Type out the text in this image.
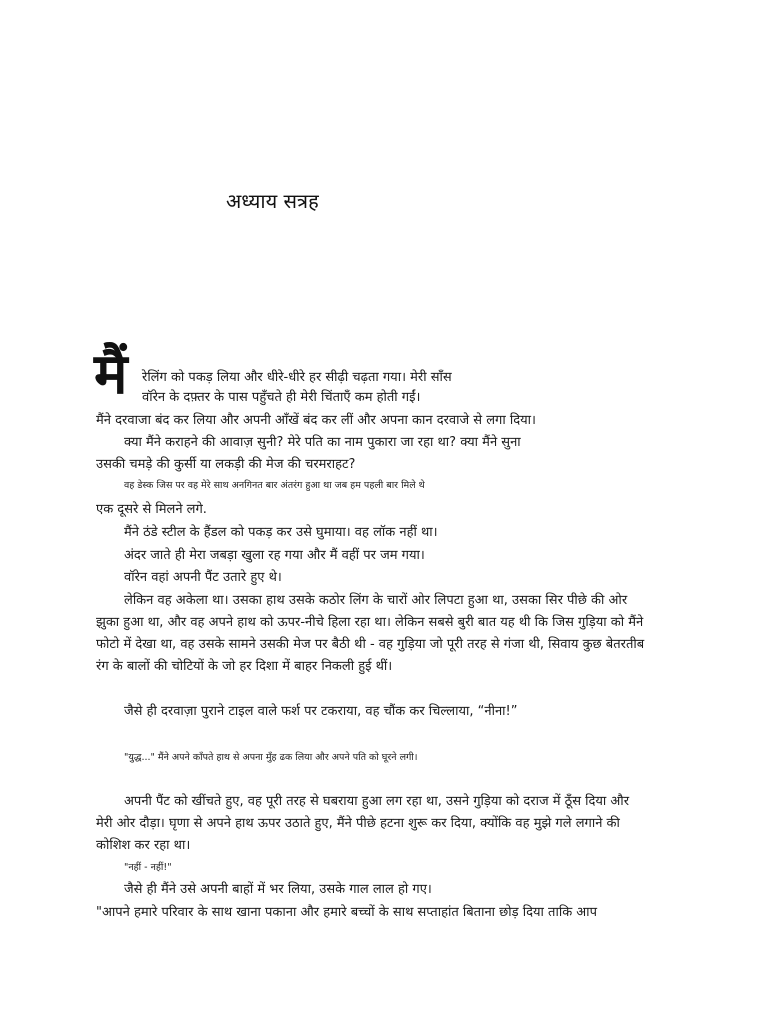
अध्याय सत्रह
मैं रेलिंग को पकड़ लिया और धीरे-धीरे हर सीढ़ी चढ़ता गया। मेरी साँस
वॉरेन के दफ़्तर के पास पहुँचते ही मेरी चिंताएँ कम होती गईं।
मैंने दरवाजा बंद कर लिया और अपनी आँखें बंद कर लीं और अपना कान दरवाजे से लगा दिया।
क्या मैंने कराहने की आवाज़ सुनी? मेरे पति का नाम पुकारा जा रहा था? क्या मैंने सुना
उसकी चमड़े की कुर्सी या लकड़ी की मेज की चरमराहट?
वह डेस्क जिस पर वह मेरे साथ अनगिनत बार अंतरंग हुआ था जब हम पहली बार मिले थे
एक दूसरे से मिलने लगे.
मैंने ठंडे स्टील के हैंडल को पकड़ कर उसे घुमाया। वह लॉक नहीं था।
अंदर जाते ही मेरा जबड़ा खुला रह गया और मैं वहीं पर जम गया।
वॉरेन वहां अपनी पैंट उतारे हुए थे।
लेकिन वह अकेला था। उसका हाथ उसके कठोर लिंग के चारों ओर लिपटा हुआ था, उसका सिर पीछे की ओर
झुका हुआ था, और वह अपने हाथ को ऊपर-नीचे हिला रहा था। लेकिन सबसे बुरी बात यह थी कि जिस गुड़िया को मैंने
फोटो में देखा था, वह उसके सामने उसकी मेज पर बैठी थी - वह गुड़िया जो पूरी तरह से गंजा थी, सिवाय कुछ बेतरतीब
रंग के बालों की चोटियों के जो हर दिशा में बाहर निकली हुई थीं।
जैसे ही दरवाज़ा पुराने टाइल वाले फर्श पर टकराया, वह चौंक कर चिल्लाया, “नीना!”
"युद्ध..." मैंने अपने काँपते हाथ से अपना मुँह ढक लिया और अपने पति को घूरने लगी।
अपनी पैंट को खींचते हुए, वह पूरी तरह से घबराया हुआ लग रहा था, उसने गुड़िया को दराज में ठूँस दिया और
मेरी ओर दौड़ा। घृणा से अपने हाथ ऊपर उठाते हुए, मैंने पीछे हटना शुरू कर दिया, क्योंकि वह मुझे गले लगाने की
कोशिश कर रहा था।
"नहीं - नहीं!"
जैसे ही मैंने उसे अपनी बाहों में भर लिया, उसके गाल लाल हो गए।
"आपने हमारे परिवार के साथ खाना पकाना और हमारे बच्चों के साथ सप्ताहांत बिताना छोड़ दिया ताकि आप
